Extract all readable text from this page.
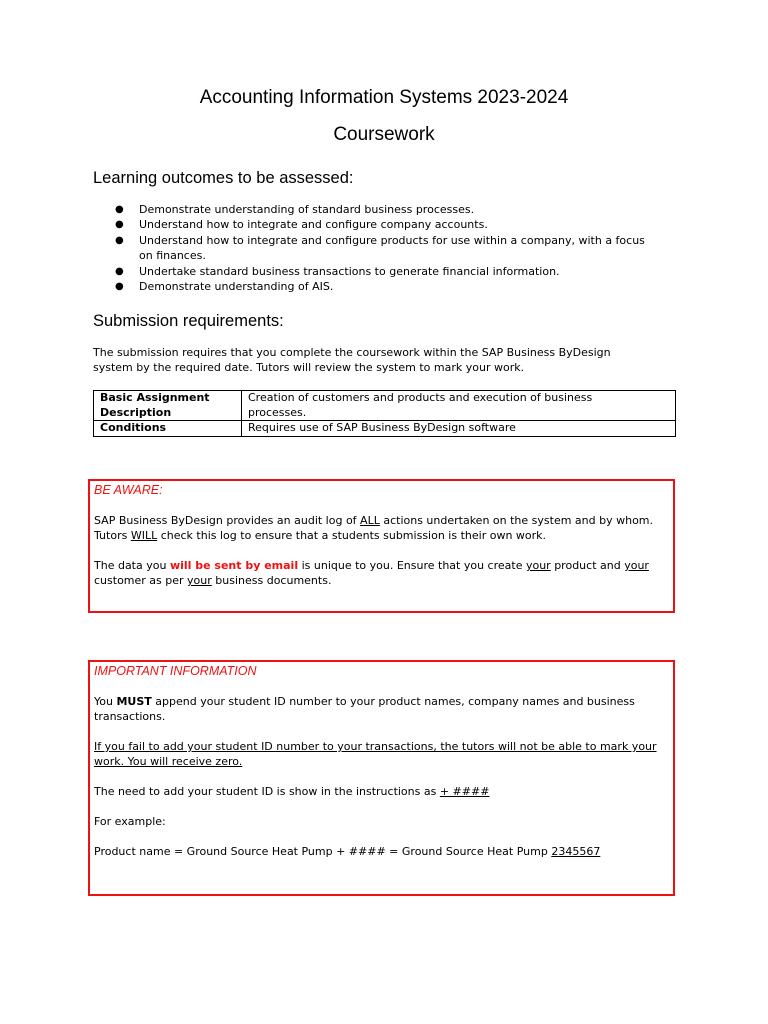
Accounting Information Systems 2023-2024
Coursework
Learning outcomes to be assessed:
● Demonstrate understanding of standard business processes.
● Understand how to integrate and configure company accounts.
● Understand how to integrate and configure products for use within a company, with a focus on finances.
● Undertake standard business transactions to generate financial information.
● Demonstrate understanding of AIS.
Submission requirements:

The submission requires that you complete the coursework within the SAP Business ByDesign system by the required date. Tutors will review the system to mark your work.

Basic Assignment Description	Creation of customers and products and execution of business processes.

Conditions	Requires use of SAP Business ByDesign software
BE AWARE:

SAP Business ByDesign provides an audit log of ALL actions undertaken on the system and by whom. Tutors WILL check this log to ensure that a students submission is their own work.

The data you will be sent by email is unique to you. Ensure that you create your product and your customer as per your business documents.

IMPORTANT INFORMATION

You MUST append your student ID number to your product names, company names and business transactions.

If you fail to add your student ID number to your transactions, the tutors will not be able to mark your work. You will receive zero.

The need to add your student ID is show in the instructions as + ####

For example:

Product name = Ground Source Heat Pump + #### = Ground Source Heat Pump 2345567
